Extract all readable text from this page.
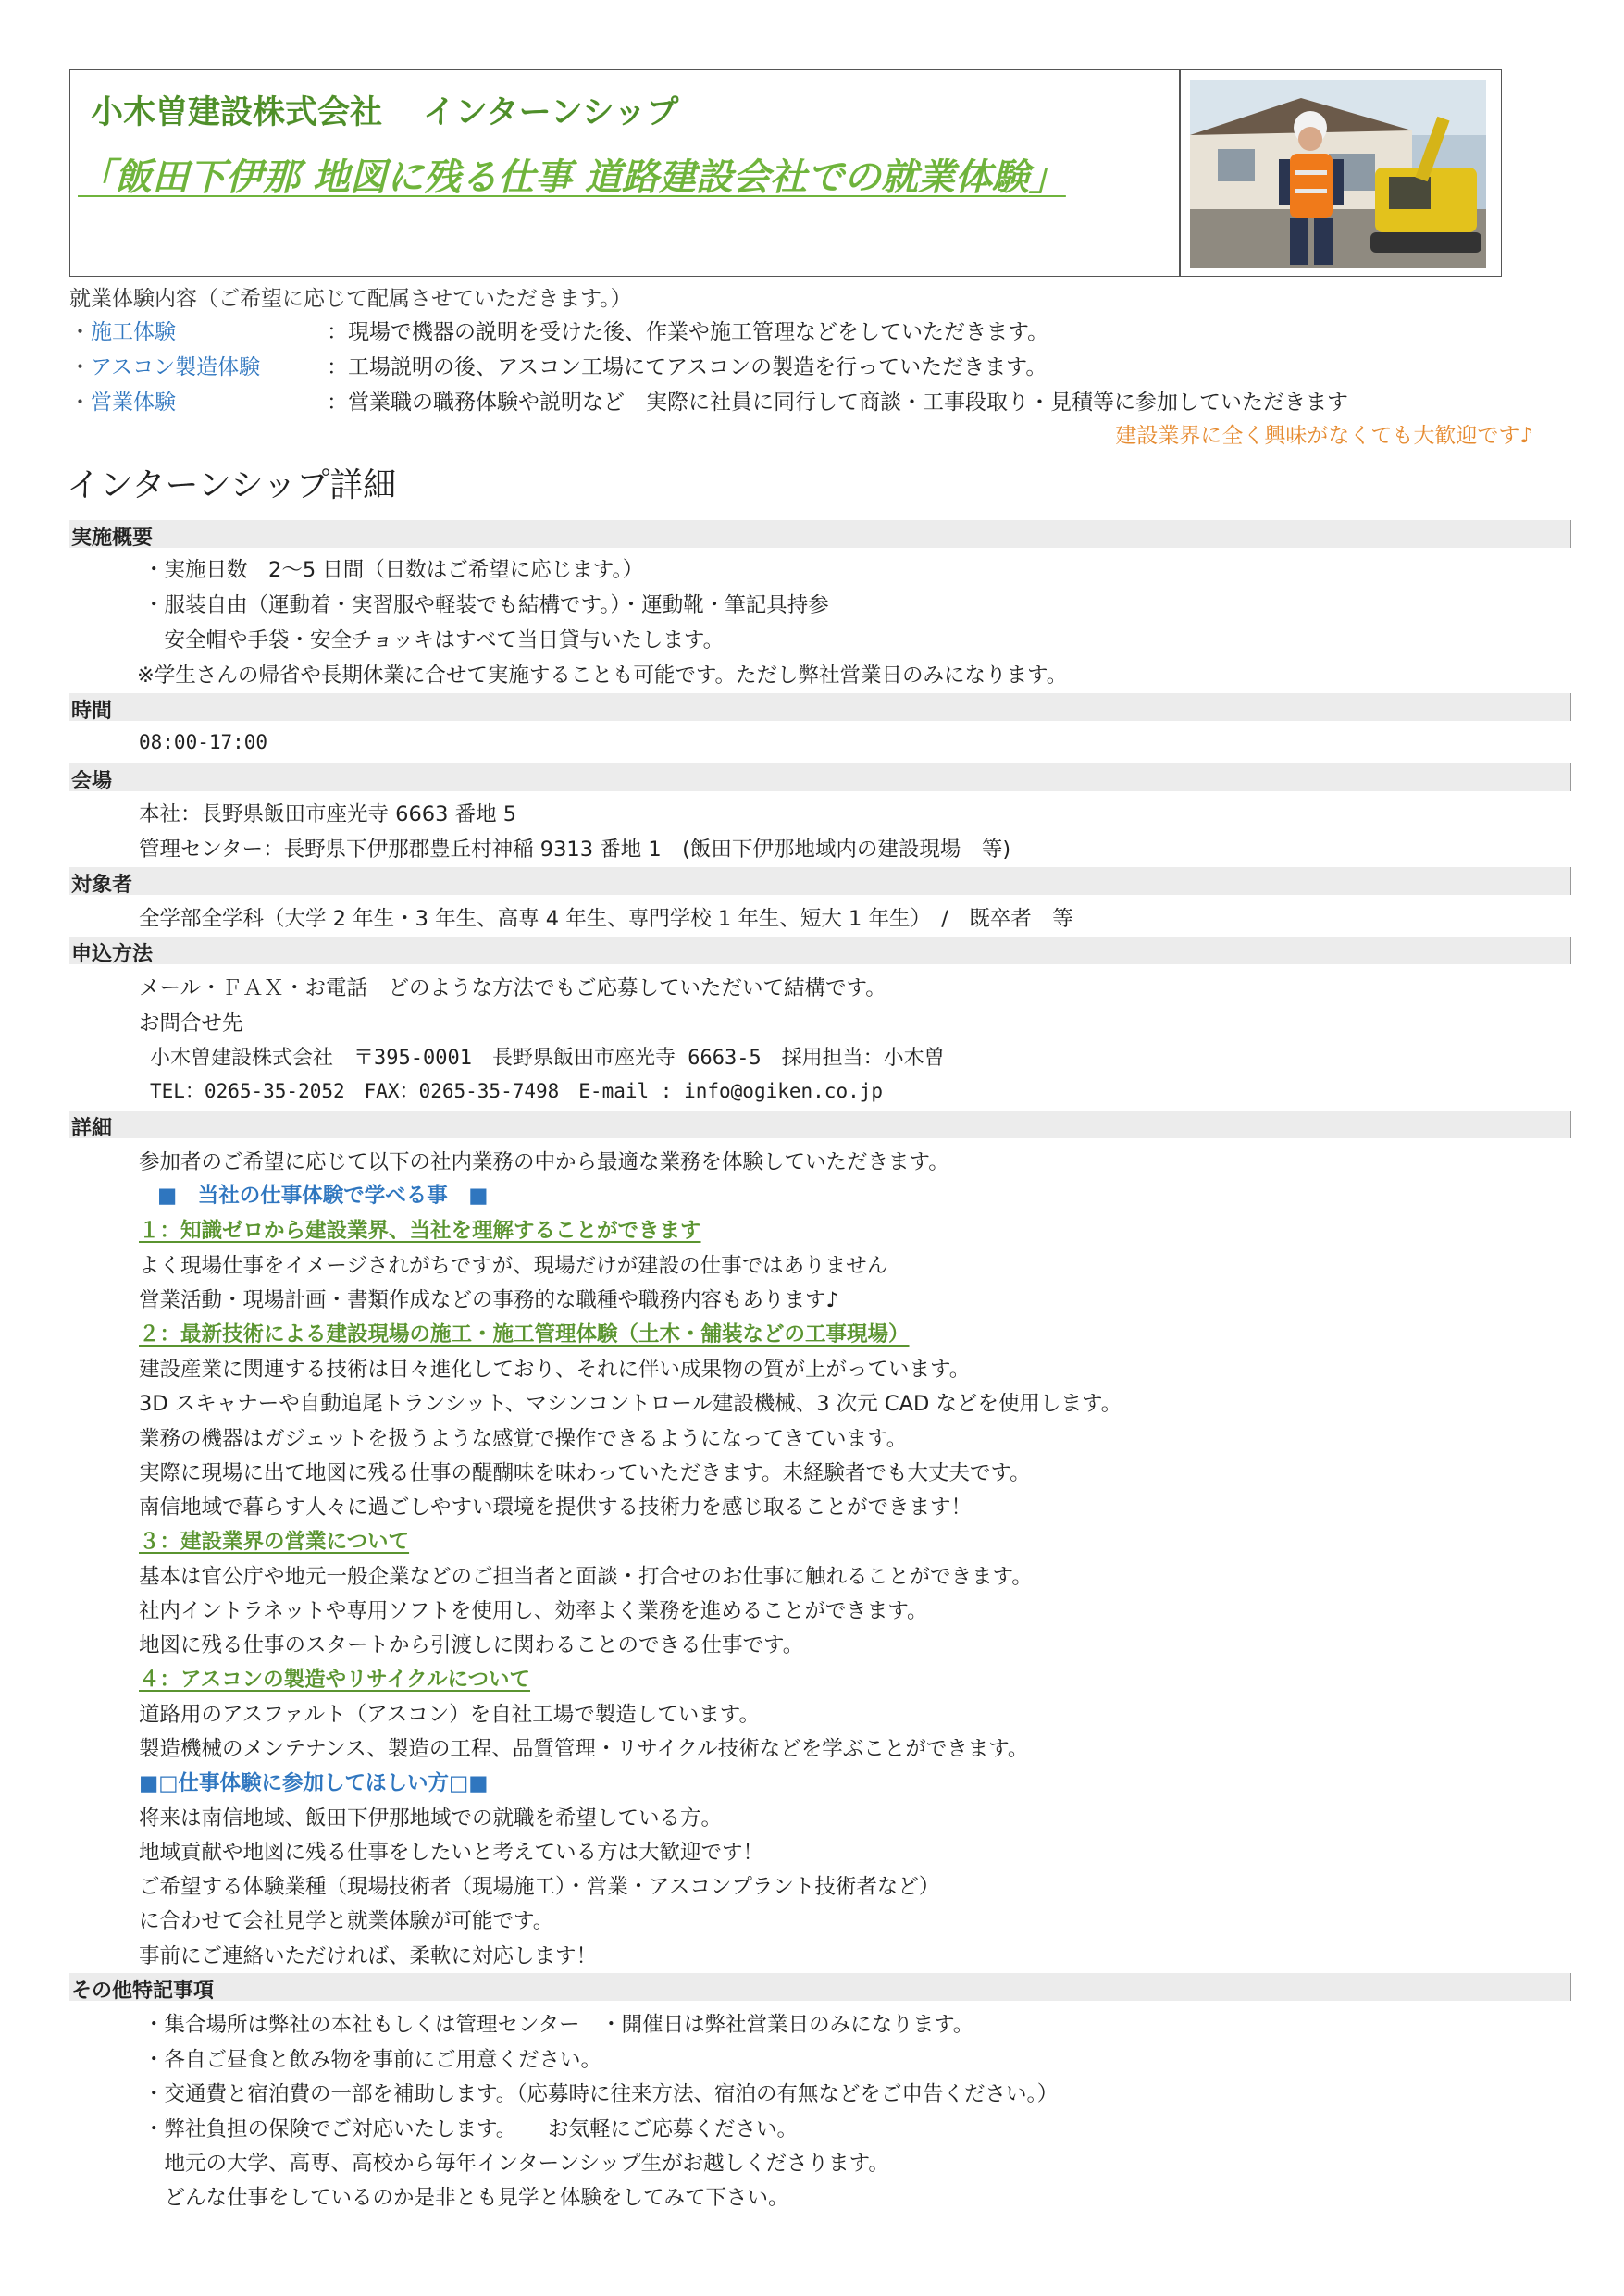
小木曽建設株式会社 インターンシップ
「飯田下伊那 地図に残る仕事 道路建設会社での就業体験」
就業体験内容（ご希望に応じて配属させていただきます。）
・施工体験	：現場で機器の説明を受けた後、作業や施工管理などをしていただきます。
・アスコン製造体験	：工場説明の後、アスコン工場にてアスコンの製造を行っていただきます。
・営業体験	：営業職の職務体験や説明など　実際に社員に同行して商談・工事段取り・見積等に参加していただきます
建設業界に全く興味がなくても大歓迎です♪
インターンシップ詳細
実施概要
・実施日数　2～5 日間（日数はご希望に応じます。）
・服装自由（運動着・実習服や軽装でも結構です。）・運動靴・筆記具持参
　安全帽や手袋・安全チョッキはすべて当日貸与いたします。
※学生さんの帰省や長期休業に合せて実施することも可能です。ただし弊社営業日のみになります。
時間
08:00-17:00
会場
本社：長野県飯田市座光寺 6663 番地 5
管理センター：長野県下伊那郡豊丘村神稲 9313 番地 1　(飯田下伊那地域内の建設現場　等)
対象者
全学部全学科（大学 2 年生・3 年生、高専 4 年生、専門学校 1 年生、短大 1 年生）　/　既卒者　等
申込方法
メール・ＦＡＸ・お電話　どのような方法でもご応募していただいて結構です。
お問合せ先
小木曽建設株式会社　〒395-0001　長野県飯田市座光寺 6663-5　採用担当：小木曽
TEL：0265-35-2052　FAX：0265-35-7498　E-mail : info@ogiken.co.jp
詳細
参加者のご希望に応じて以下の社内業務の中から最適な業務を体験していただきます。
■　当社の仕事体験で学べる事　■
１：知識ゼロから建設業界、当社を理解することができます
よく現場仕事をイメージされがちですが、現場だけが建設の仕事ではありません
営業活動・現場計画・書類作成などの事務的な職種や職務内容もあります♪
２：最新技術による建設現場の施工・施工管理体験（土木・舗装などの工事現場）
建設産業に関連する技術は日々進化しており、それに伴い成果物の質が上がっています。
3D スキャナーや自動追尾トランシット、マシンコントロール建設機械、3 次元 CAD などを使用します。
業務の機器はガジェットを扱うような感覚で操作できるようになってきています。
実際に現場に出て地図に残る仕事の醍醐味を味わっていただきます。未経験者でも大丈夫です。
南信地域で暮らす人々に過ごしやすい環境を提供する技術力を感じ取ることができます！
３：建設業界の営業について
基本は官公庁や地元一般企業などのご担当者と面談・打合せのお仕事に触れることができます。
社内イントラネットや専用ソフトを使用し、効率よく業務を進めることができます。
地図に残る仕事のスタートから引渡しに関わることのできる仕事です。
４：アスコンの製造やリサイクルについて
道路用のアスファルト（アスコン）を自社工場で製造しています。
製造機械のメンテナンス、製造の工程、品質管理・リサイクル技術などを学ぶことができます。
■□仕事体験に参加してほしい方□■
将来は南信地域、飯田下伊那地域での就職を希望している方。
地域貢献や地図に残る仕事をしたいと考えている方は大歓迎です！
ご希望する体験業種（現場技術者（現場施工）・営業・アスコンプラント技術者など）
に合わせて会社見学と就業体験が可能です。
事前にご連絡いただければ、柔軟に対応します！
その他特記事項
・集合場所は弊社の本社もしくは管理センター　・開催日は弊社営業日のみになります。
・各自ご昼食と飲み物を事前にご用意ください。
・交通費と宿泊費の一部を補助します。（応募時に往来方法、宿泊の有無などをご申告ください。）
・弊社負担の保険でご対応いたします。　　お気軽にご応募ください。
　地元の大学、高専、高校から毎年インターンシップ生がお越しくださります。
　どんな仕事をしているのか是非とも見学と体験をしてみて下さい。
